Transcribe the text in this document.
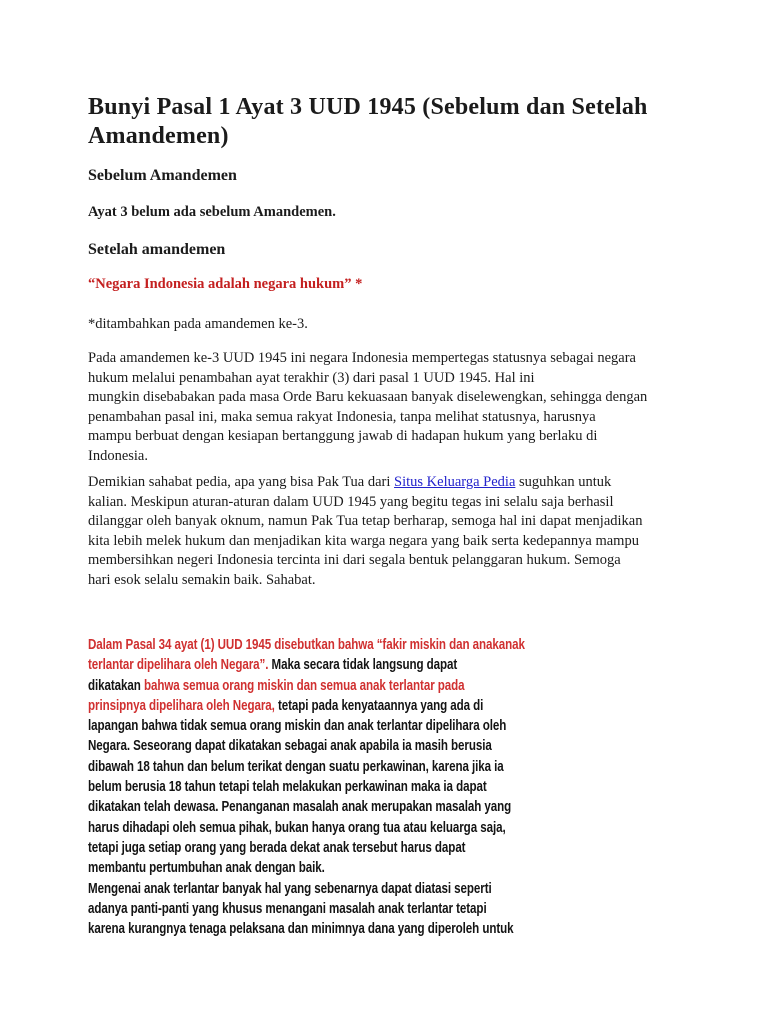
Bunyi Pasal 1 Ayat 3 UUD 1945 (Sebelum dan Setelah
Amandemen)
Sebelum Amandemen
Ayat 3 belum ada sebelum Amandemen.
Setelah amandemen
“Negara Indonesia adalah negara hukum” *
*ditambahkan pada amandemen ke-3.
Pada amandemen ke-3 UUD 1945 ini negara Indonesia mempertegas statusnya sebagai negara
hukum melalui penambahan ayat terakhir (3) dari pasal 1 UUD 1945. Hal ini
mungkin disebabakan pada masa Orde Baru kekuasaan banyak diselewengkan, sehingga dengan
penambahan pasal ini, maka semua rakyat Indonesia, tanpa melihat statusnya, harusnya
mampu berbuat dengan kesiapan bertanggung jawab di hadapan hukum yang berlaku di
Indonesia.
Demikian sahabat pedia, apa yang bisa Pak Tua dari Situs Keluarga Pedia suguhkan untuk
kalian. Meskipun aturan-aturan dalam UUD 1945 yang begitu tegas ini selalu saja berhasil
dilanggar oleh banyak oknum, namun Pak Tua tetap berharap, semoga hal ini dapat menjadikan
kita lebih melek hukum dan menjadikan kita warga negara yang baik serta kedepannya mampu
membersihkan negeri Indonesia tercinta ini dari segala bentuk pelanggaran hukum. Semoga
hari esok selalu semakin baik. Sahabat.
Dalam Pasal 34 ayat (1) UUD 1945 disebutkan bahwa “fakir miskin dan anakanak
terlantar dipelihara oleh Negara”. Maka secara tidak langsung dapat
dikatakan bahwa semua orang miskin dan semua anak terlantar pada
prinsipnya dipelihara oleh Negara, tetapi pada kenyataannya yang ada di
lapangan bahwa tidak semua orang miskin dan anak terlantar dipelihara oleh
Negara. Seseorang dapat dikatakan sebagai anak apabila ia masih berusia
dibawah 18 tahun dan belum terikat dengan suatu perkawinan, karena jika ia
belum berusia 18 tahun tetapi telah melakukan perkawinan maka ia dapat
dikatakan telah dewasa. Penanganan masalah anak merupakan masalah yang
harus dihadapi oleh semua pihak, bukan hanya orang tua atau keluarga saja,
tetapi juga setiap orang yang berada dekat anak tersebut harus dapat
membantu pertumbuhan anak dengan baik.
Mengenai anak terlantar banyak hal yang sebenarnya dapat diatasi seperti
adanya panti-panti yang khusus menangani masalah anak terlantar tetapi
karena kurangnya tenaga pelaksana dan minimnya dana yang diperoleh untuk
